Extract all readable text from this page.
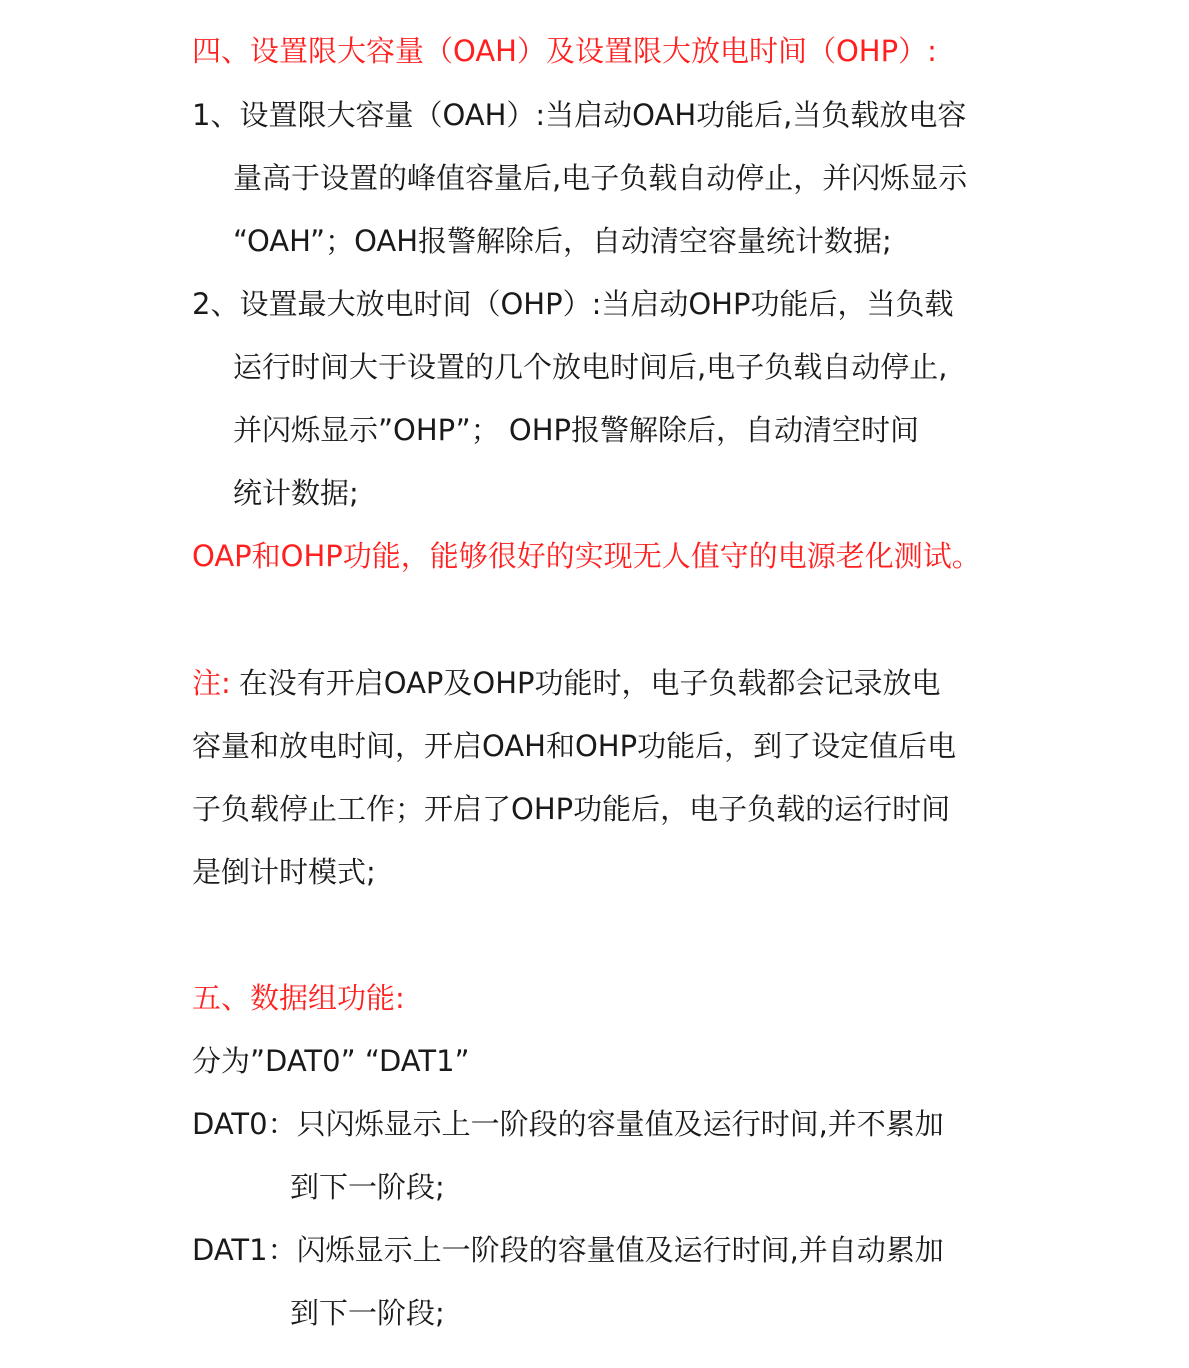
四、设置限大容量（OAH）及设置限大放电时间（OHP）:
1、设置限大容量（OAH）:当启动OAH功能后,当负载放电容
量高于设置的峰值容量后,电子负载自动停止，并闪烁显示
“OAH”；OAH报警解除后，自动清空容量统计数据;
2、设置最大放电时间（OHP）:当启动OHP功能后，当负载
运行时间大于设置的几个放电时间后,电子负载自动停止,
并闪烁显示”OHP”； OHP报警解除后，自动清空时间
统计数据;
OAP和OHP功能，能够很好的实现无人值守的电源老化测试。
注: 在没有开启OAP及OHP功能时，电子负载都会记录放电
容量和放电时间，开启OAH和OHP功能后，到了设定值后电
子负载停止工作；开启了OHP功能后，电子负载的运行时间
是倒计时模式;
五、数据组功能:
分为”DAT0” “DAT1”
DAT0：只闪烁显示上一阶段的容量值及运行时间,并不累加
到下一阶段;
DAT1：闪烁显示上一阶段的容量值及运行时间,并自动累加
到下一阶段;
